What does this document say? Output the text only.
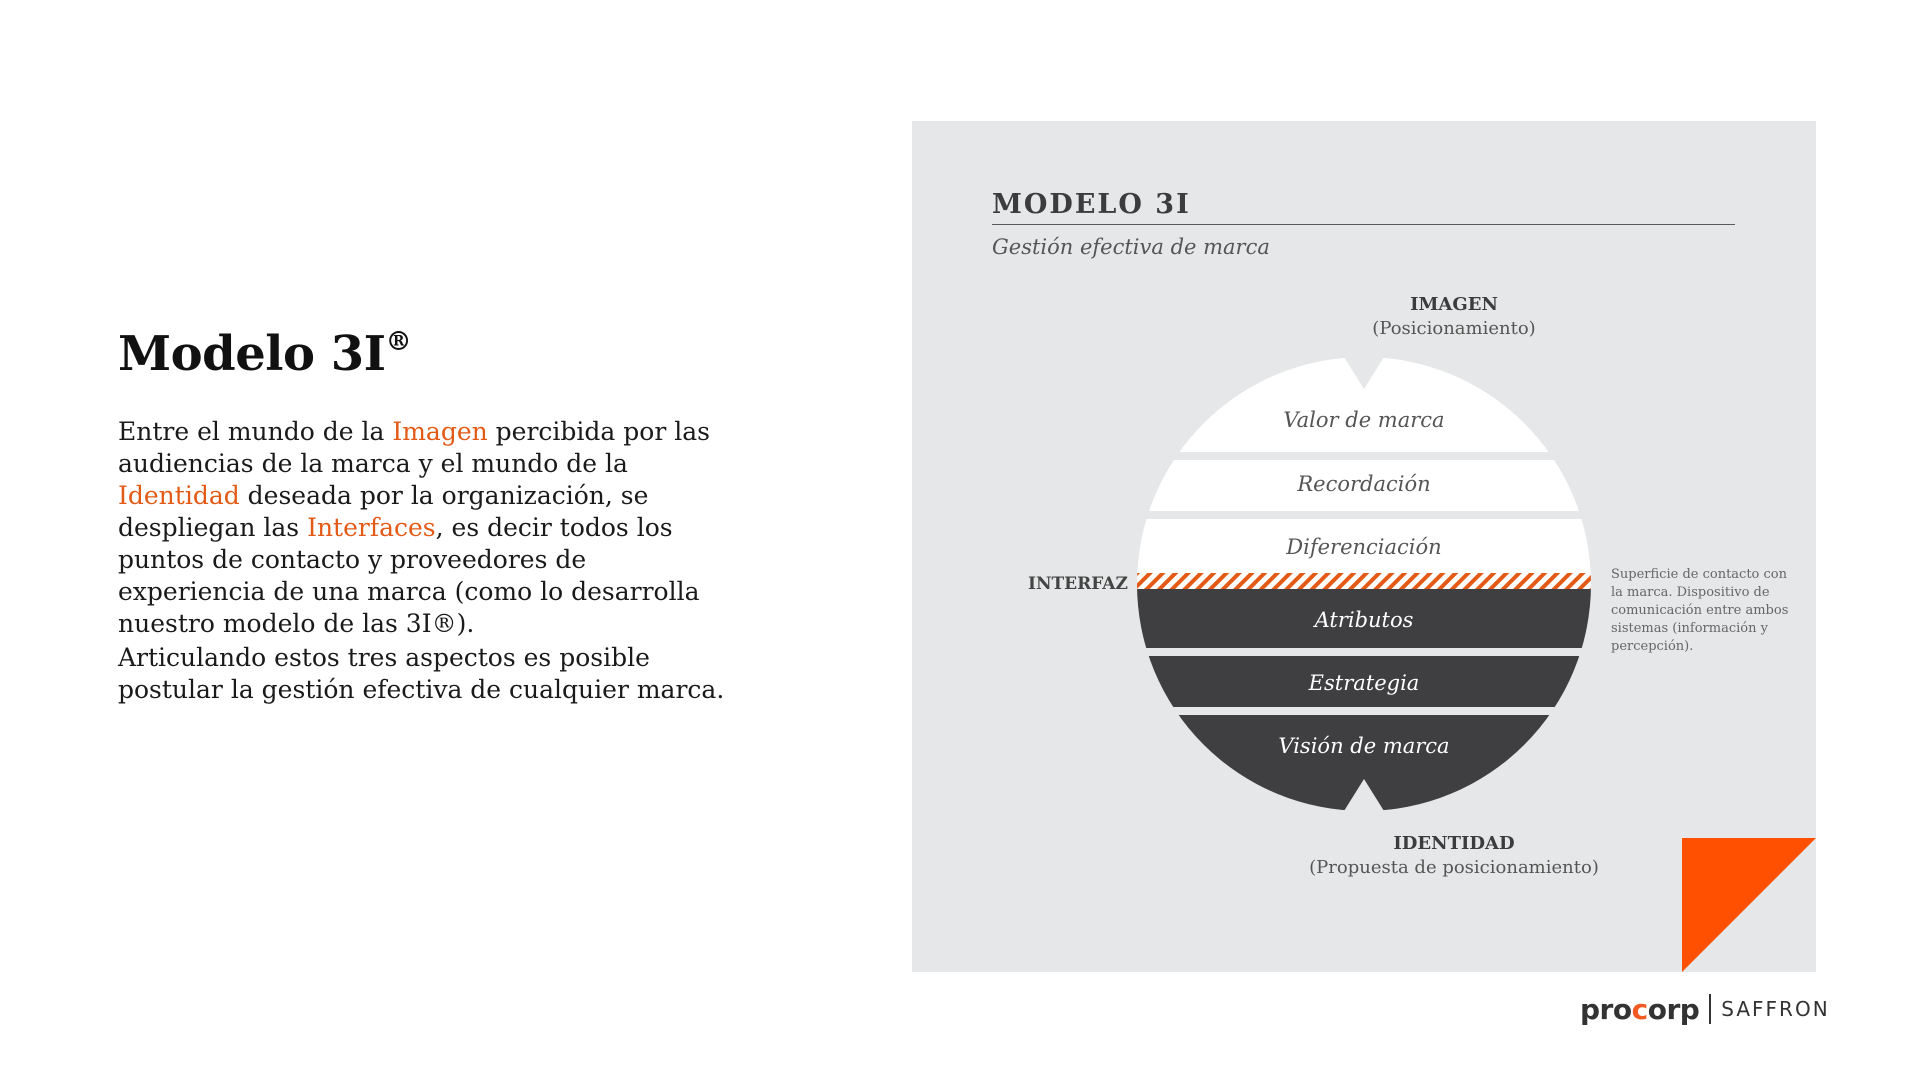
Modelo 3I®

Entre el mundo de la Imagen percibida por las audiencias de la marca y el mundo de la Identidad deseada por la organización, se despliegan las Interfaces, es decir todos los puntos de contacto y proveedores de experiencia de una marca (como lo desarrolla nuestro modelo de las 3I®).

Articulando estos tres aspectos es posible postular la gestión efectiva de cualquier marca.

MODELO 3I
Gestión efectiva de marca
IMAGEN
(Posicionamiento)
Valor de marca
Recordación
Diferenciación
Atributos
Estrategia
Visión de marca
INTERFAZ	Superficie de contacto con la marca. Dispositivo de comunicación entre ambos sistemas (información y percepción).
IDENTIDAD
(Propuesta de posicionamiento)
procorp SAFFRON
